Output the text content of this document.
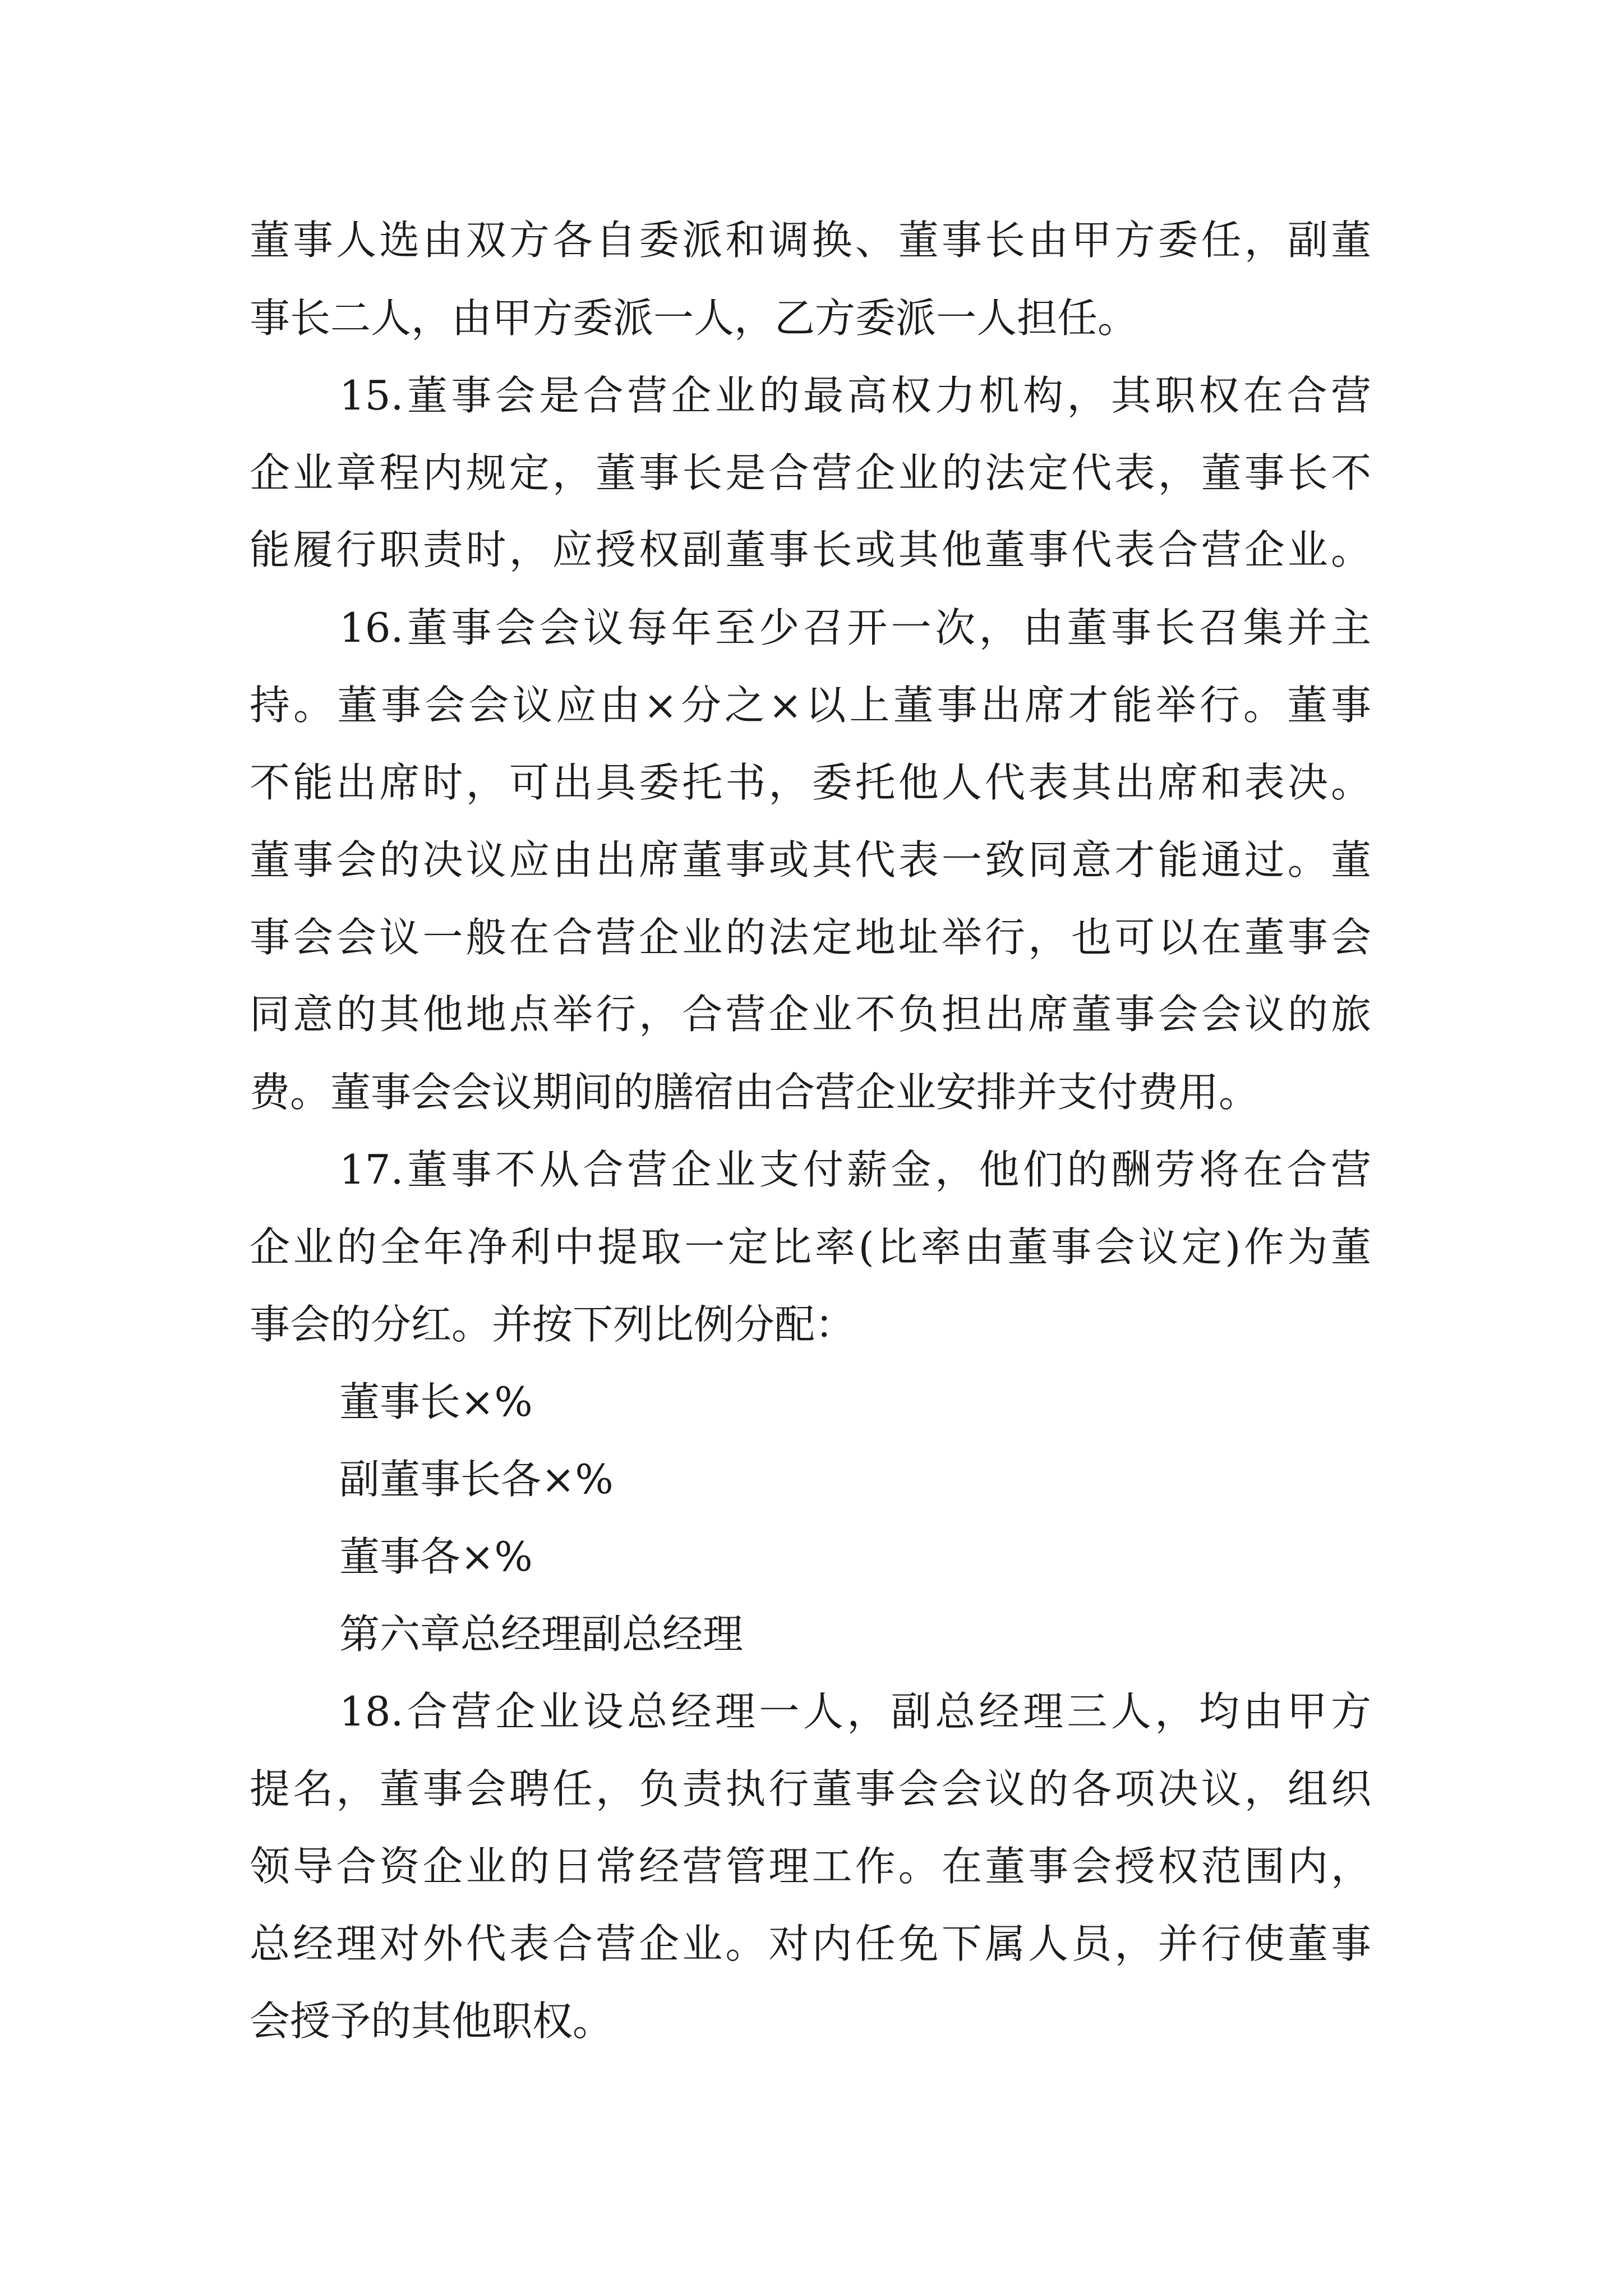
董事人选由双方各自委派和调换、董事长由甲方委任，副董

事长二人，由甲方委派一人，乙方委派一人担任。

15.董事会是合营企业的最高权力机构，其职权在合营

企业章程内规定，董事长是合营企业的法定代表，董事长不

能履行职责时，应授权副董事长或其他董事代表合营企业。

16.董事会会议每年至少召开一次，由董事长召集并主

持。董事会会议应由×分之×以上董事出席才能举行。董事

不能出席时，可出具委托书，委托他人代表其出席和表决。

董事会的决议应由出席董事或其代表一致同意才能通过。董

事会会议一般在合营企业的法定地址举行，也可以在董事会

同意的其他地点举行，合营企业不负担出席董事会会议的旅

费。董事会会议期间的膳宿由合营企业安排并支付费用。

17.董事不从合营企业支付薪金，他们的酬劳将在合营

企业的全年净利中提取一定比率(比率由董事会议定)作为董

事会的分红。并按下列比例分配：

董事长×%

副董事长各×%

董事各×%

第六章总经理副总经理

18.合营企业设总经理一人，副总经理三人，均由甲方

提名，董事会聘任，负责执行董事会会议的各项决议，组织

领导合资企业的日常经营管理工作。在董事会授权范围内，

总经理对外代表合营企业。对内任免下属人员，并行使董事

会授予的其他职权。
